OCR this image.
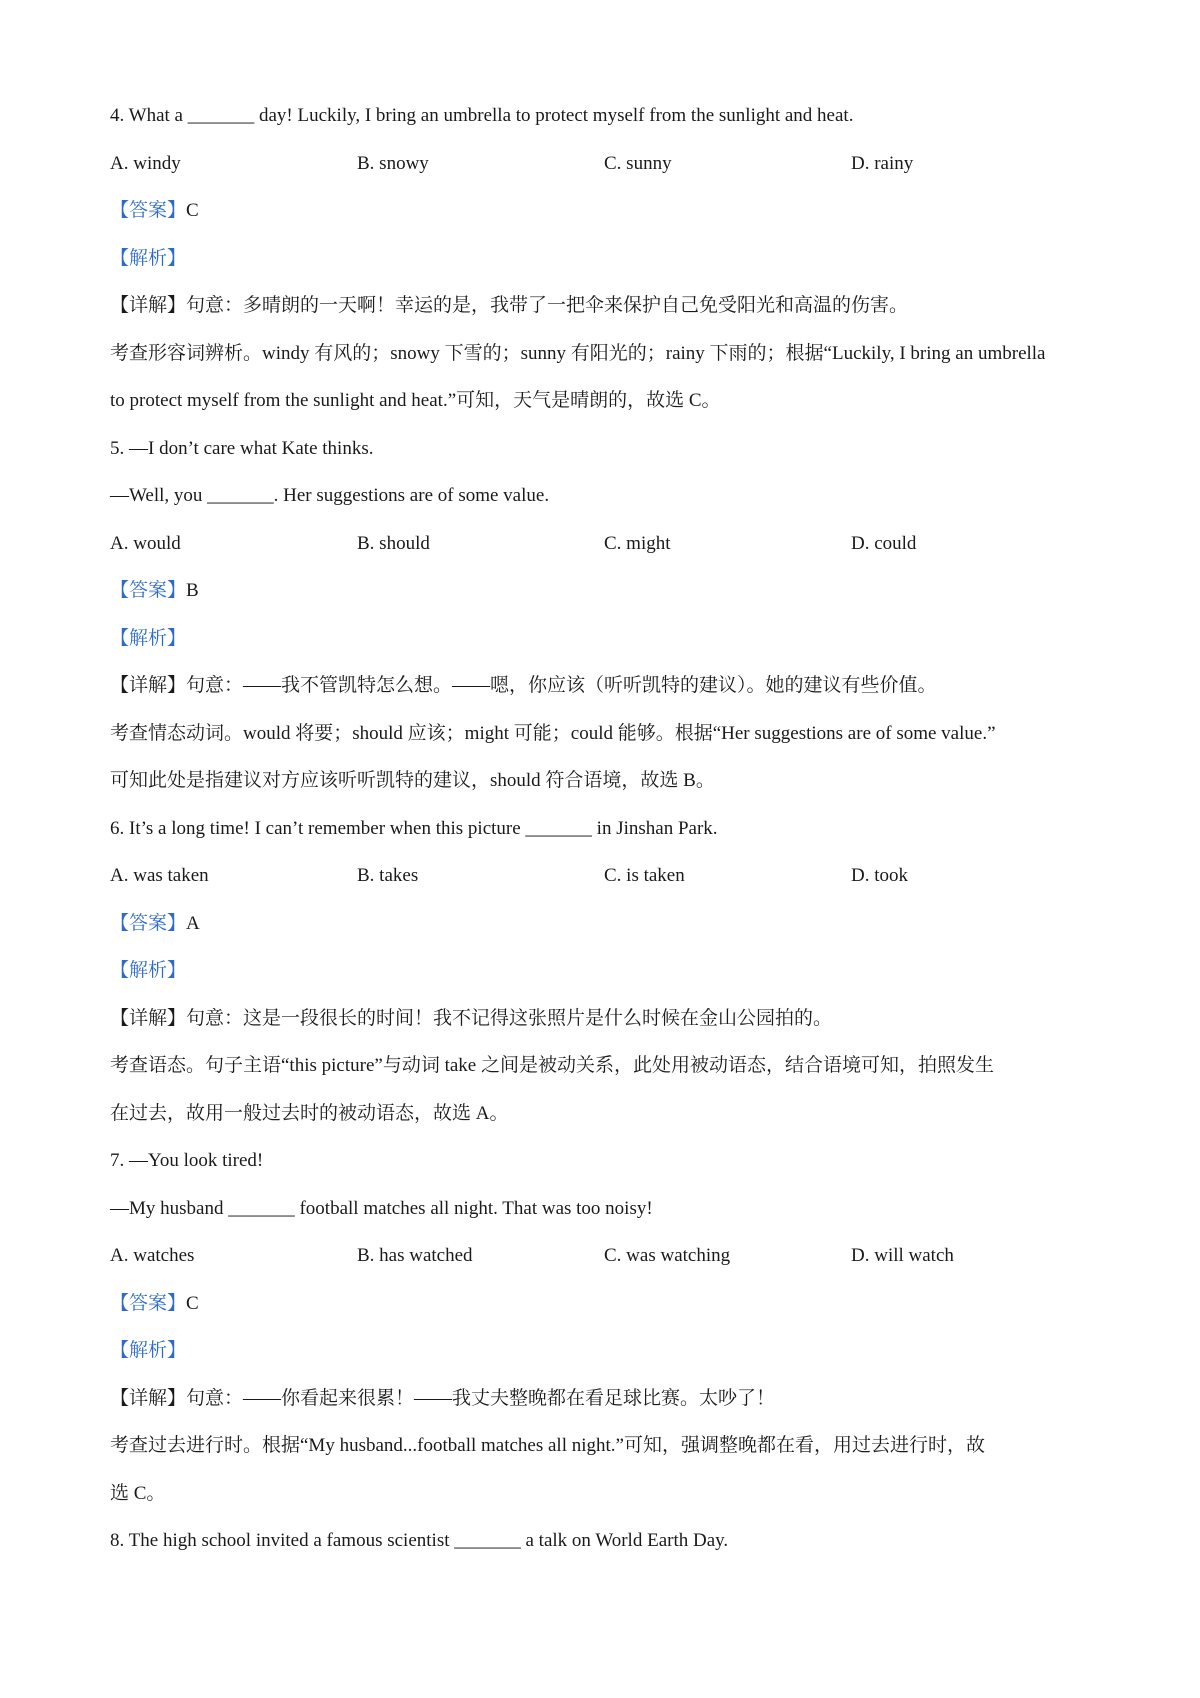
4. What a _______ day! Luckily, I bring an umbrella to protect myself from the sunlight and heat.
A. windy	B. snowy	C. sunny	D. rainy
【答案】C
【解析】
【详解】句意：多晴朗的一天啊！幸运的是，我带了一把伞来保护自己免受阳光和高温的伤害。
考查形容词辨析。windy 有风的；snowy 下雪的；sunny 有阳光的；rainy 下雨的；根据“Luckily, I bring an umbrella
to protect myself from the sunlight and heat.”可知，天气是晴朗的，故选 C。
5. —I don’t care what Kate thinks.
—Well, you _______. Her suggestions are of some value.
A. would	B. should	C. might	D. could
【答案】B
【解析】
【详解】句意：——我不管凯特怎么想。——嗯，你应该（听听凯特的建议）。她的建议有些价值。
考查情态动词。would 将要；should 应该；might 可能；could 能够。根据“Her suggestions are of some value.”
可知此处是指建议对方应该听听凯特的建议，should 符合语境，故选 B。
6. It’s a long time! I can’t remember when this picture _______ in Jinshan Park.
A. was taken	B. takes	C. is taken	D. took
【答案】A
【解析】
【详解】句意：这是一段很长的时间！我不记得这张照片是什么时候在金山公园拍的。
考查语态。句子主语“this picture”与动词 take 之间是被动关系，此处用被动语态，结合语境可知，拍照发生
在过去，故用一般过去时的被动语态，故选 A。
7. —You look tired!
—My husband _______ football matches all night. That was too noisy!
A. watches	B. has watched	C. was watching	D. will watch
【答案】C
【解析】
【详解】句意：——你看起来很累！——我丈夫整晚都在看足球比赛。太吵了！
考查过去进行时。根据“My husband...football matches all night.”可知，强调整晚都在看，用过去进行时，故
选 C。
8. The high school invited a famous scientist _______ a talk on World Earth Day.
